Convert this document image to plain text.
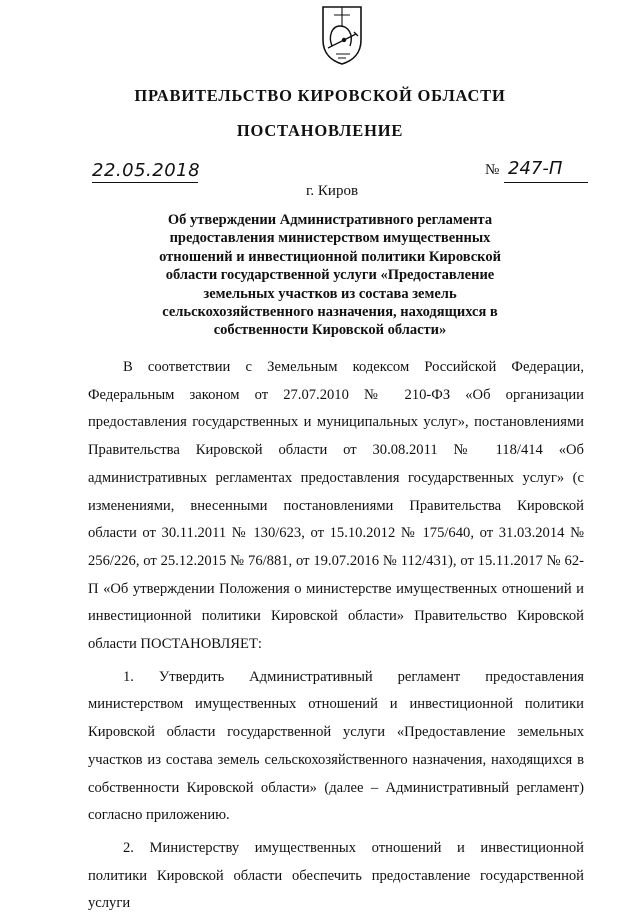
ПРАВИТЕЛЬСТВО КИРОВСКОЙ ОБЛАСТИ
ПОСТАНОВЛЕНИЕ
22.05.2018	№ 247-П
г. Киров
Об утверждении Административного регламента предоставления министерством имущественных отношений и инвестиционной политики Кировской области государственной услуги «Предоставление земельных участков из состава земель сельскохозяйственного назначения, находящихся в собственности Кировской области»

В соответствии с Земельным кодексом Российской Федерации, Федеральным законом от 27.07.2010 № 210-ФЗ «Об организации предоставления государственных и муниципальных услуг», постановлениями Правительства Кировской области от 30.08.2011 № 118/414 «Об административных регламентах предоставления государственных услуг» (с изменениями, внесенными постановлениями Правительства Кировской области от 30.11.2011 № 130/623, от 15.10.2012 № 175/640, от 31.03.2014 № 256/226, от 25.12.2015 № 76/881, от 19.07.2016 № 112/431), от 15.11.2017 № 62-П «Об утверждении Положения о министерстве имущественных отношений и инвестиционной политики Кировской области» Правительство Кировской области ПОСТАНОВЛЯЕТ:

1. Утвердить Административный регламент предоставления министерством имущественных отношений и инвестиционной политики Кировской области государственной услуги «Предоставление земельных участков из состава земель сельскохозяйственного назначения, находящихся в собственности Кировской области» (далее – Административный регламент) согласно приложению.

2. Министерству имущественных отношений и инвестиционной политики Кировской области обеспечить предоставление государственной услуги
